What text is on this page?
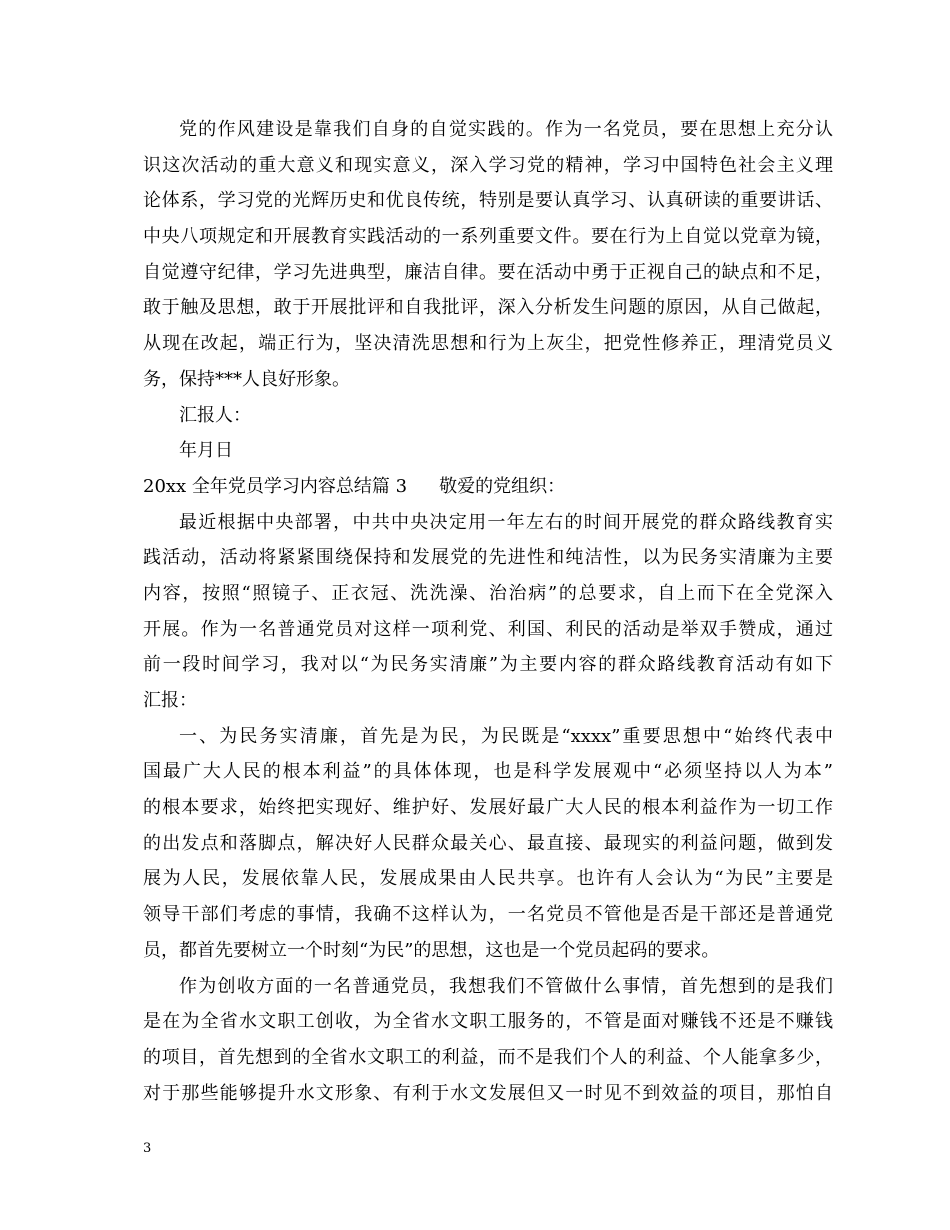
党的作风建设是靠我们自身的自觉实践的。作为一名党员，要在思想上充分认
识这次活动的重大意义和现实意义，深入学习党的精神，学习中国特色社会主义理
论体系，学习党的光辉历史和优良传统，特别是要认真学习、认真研读的重要讲话、
中央八项规定和开展教育实践活动的一系列重要文件。要在行为上自觉以党章为镜，
自觉遵守纪律，学习先进典型，廉洁自律。要在活动中勇于正视自己的缺点和不足，
敢于触及思想，敢于开展批评和自我批评，深入分析发生问题的原因，从自己做起，
从现在改起，端正行为，坚决清洗思想和行为上灰尘，把党性修养正，理清党员义
务，保持***人良好形象。
汇报人：
年月日
20xx 全年党员学习内容总结篇 3 敬爱的党组织：
最近根据中央部署，中共中央决定用一年左右的时间开展党的群众路线教育实
践活动，活动将紧紧围绕保持和发展党的先进性和纯洁性，以为民务实清廉为主要
内容，按照“照镜子、正衣冠、洗洗澡、治治病”的总要求，自上而下在全党深入
开展。作为一名普通党员对这样一项利党、利国、利民的活动是举双手赞成，通过
前一段时间学习，我对以“为民务实清廉”为主要内容的群众路线教育活动有如下
汇报：
一、为民务实清廉，首先是为民，为民既是“xxxx”重要思想中“始终代表中
国最广大人民的根本利益”的具体体现，也是科学发展观中“必须坚持以人为本”
的根本要求，始终把实现好、维护好、发展好最广大人民的根本利益作为一切工作
的出发点和落脚点，解决好人民群众最关心、最直接、最现实的利益问题，做到发
展为人民，发展依靠人民，发展成果由人民共享。也许有人会认为“为民”主要是
领导干部们考虑的事情，我确不这样认为，一名党员不管他是否是干部还是普通党
员，都首先要树立一个时刻“为民”的思想，这也是一个党员起码的要求。
作为创收方面的一名普通党员，我想我们不管做什么事情，首先想到的是我们
是在为全省水文职工创收，为全省水文职工服务的，不管是面对赚钱不还是不赚钱
的项目，首先想到的全省水文职工的利益，而不是我们个人的利益、个人能拿多少，
对于那些能够提升水文形象、有利于水文发展但又一时见不到效益的项目，那怕自
3
